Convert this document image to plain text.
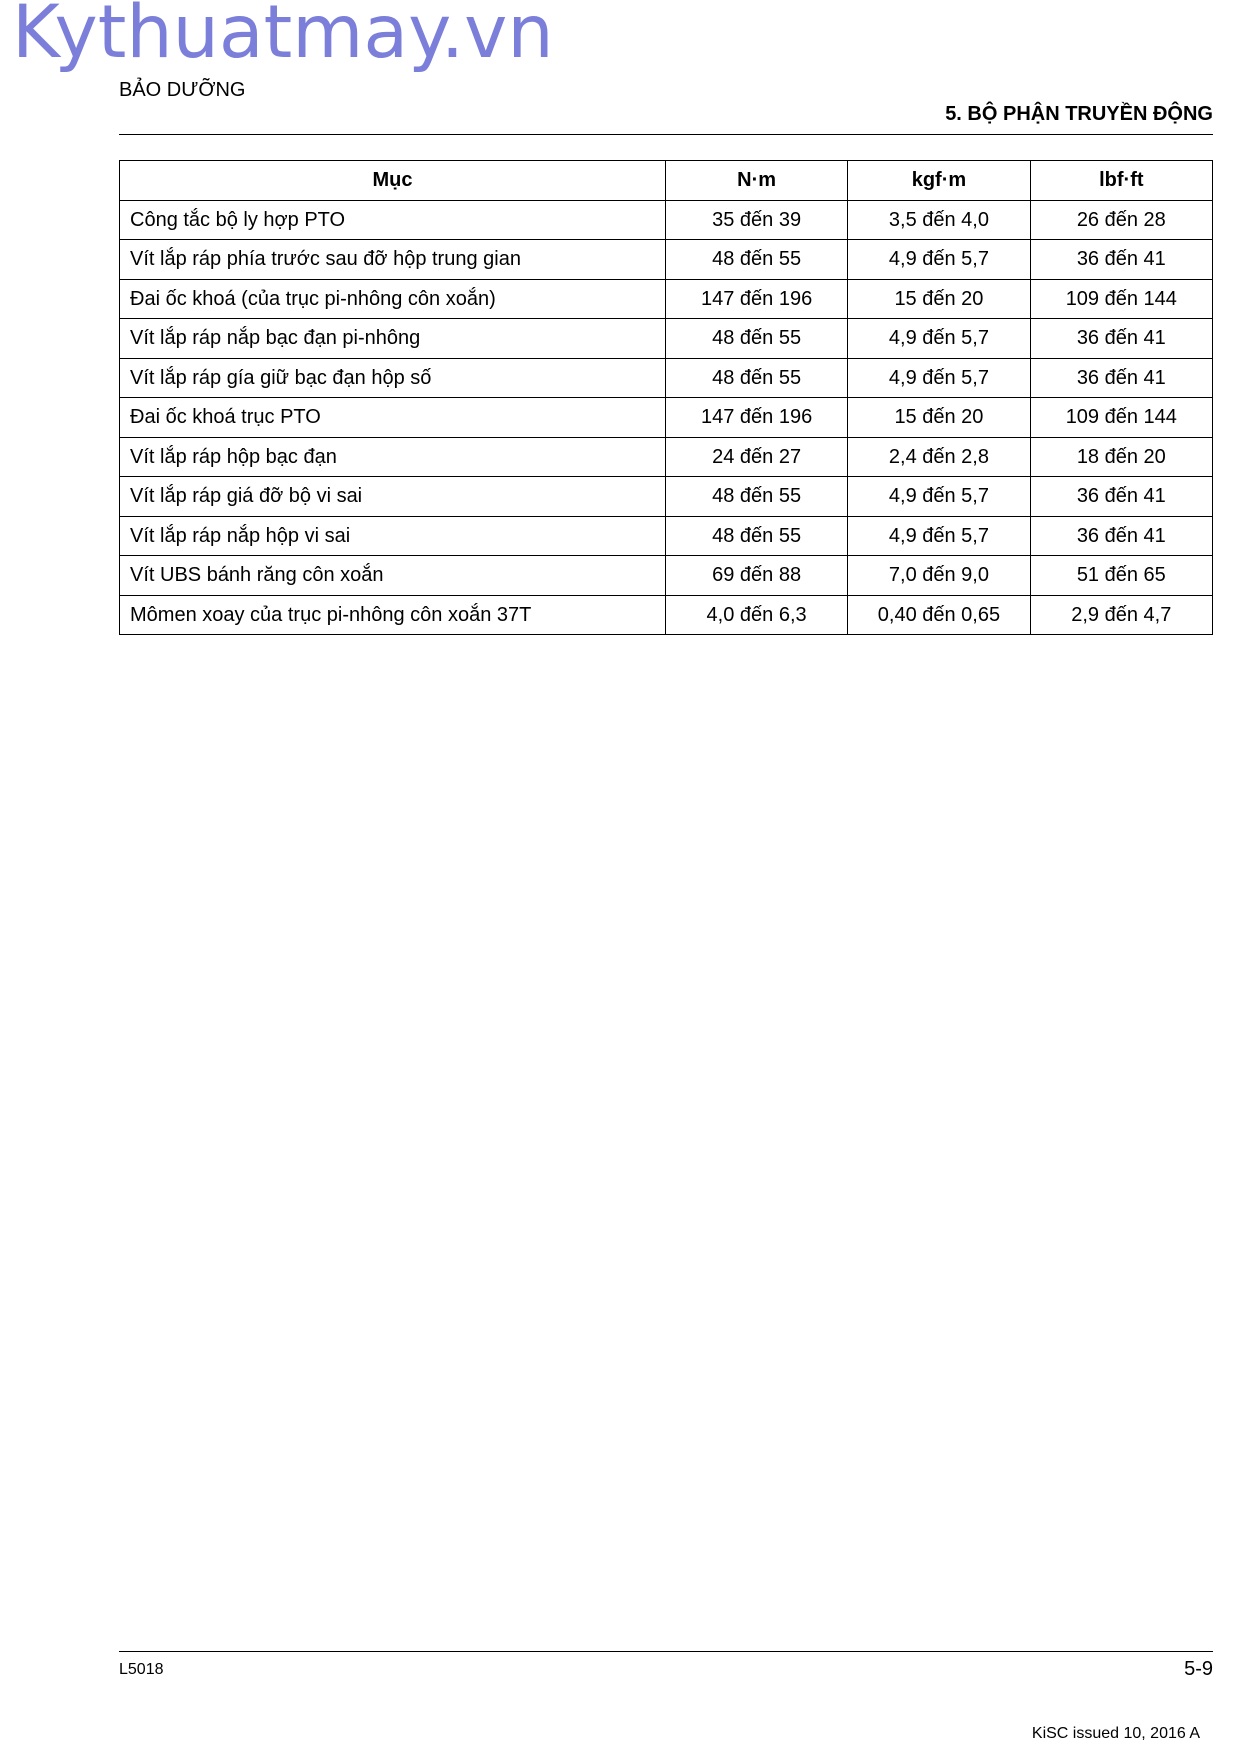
Kythuatmay.vn
BẢO DƯỠNG
5. BỘ PHẬN TRUYỀN ĐỘNG
Mục	N·m	kgf·m	lbf·ft
Công tắc bộ ly hợp PTO	35 đến 39	3,5 đến 4,0	26 đến 28
Vít lắp ráp phía trước sau đỡ hộp trung gian	48 đến 55	4,9 đến 5,7	36 đến 41
Đai ốc khoá (của trục pi-nhông côn xoắn)	147 đến 196	15 đến 20	109 đến 144
Vít lắp ráp nắp bạc đạn pi-nhông	48 đến 55	4,9 đến 5,7	36 đến 41
Vít lắp ráp gía giữ bạc đạn hộp số	48 đến 55	4,9 đến 5,7	36 đến 41
Đai ốc khoá trục PTO	147 đến 196	15 đến 20	109 đến 144
Vít lắp ráp hộp bạc đạn	24 đến 27	2,4 đến 2,8	18 đến 20
Vít lắp ráp giá đỡ bộ vi sai	48 đến 55	4,9 đến 5,7	36 đến 41
Vít lắp ráp nắp hộp vi sai	48 đến 55	4,9 đến 5,7	36 đến 41
Vít UBS bánh răng côn xoắn	69 đến 88	7,0 đến 9,0	51 đến 65
Mômen xoay của trục pi-nhông côn xoắn 37T	4,0 đến 6,3	0,40 đến 0,65	2,9 đến 4,7
L5018	5-9
KiSC issued 10, 2016 A
